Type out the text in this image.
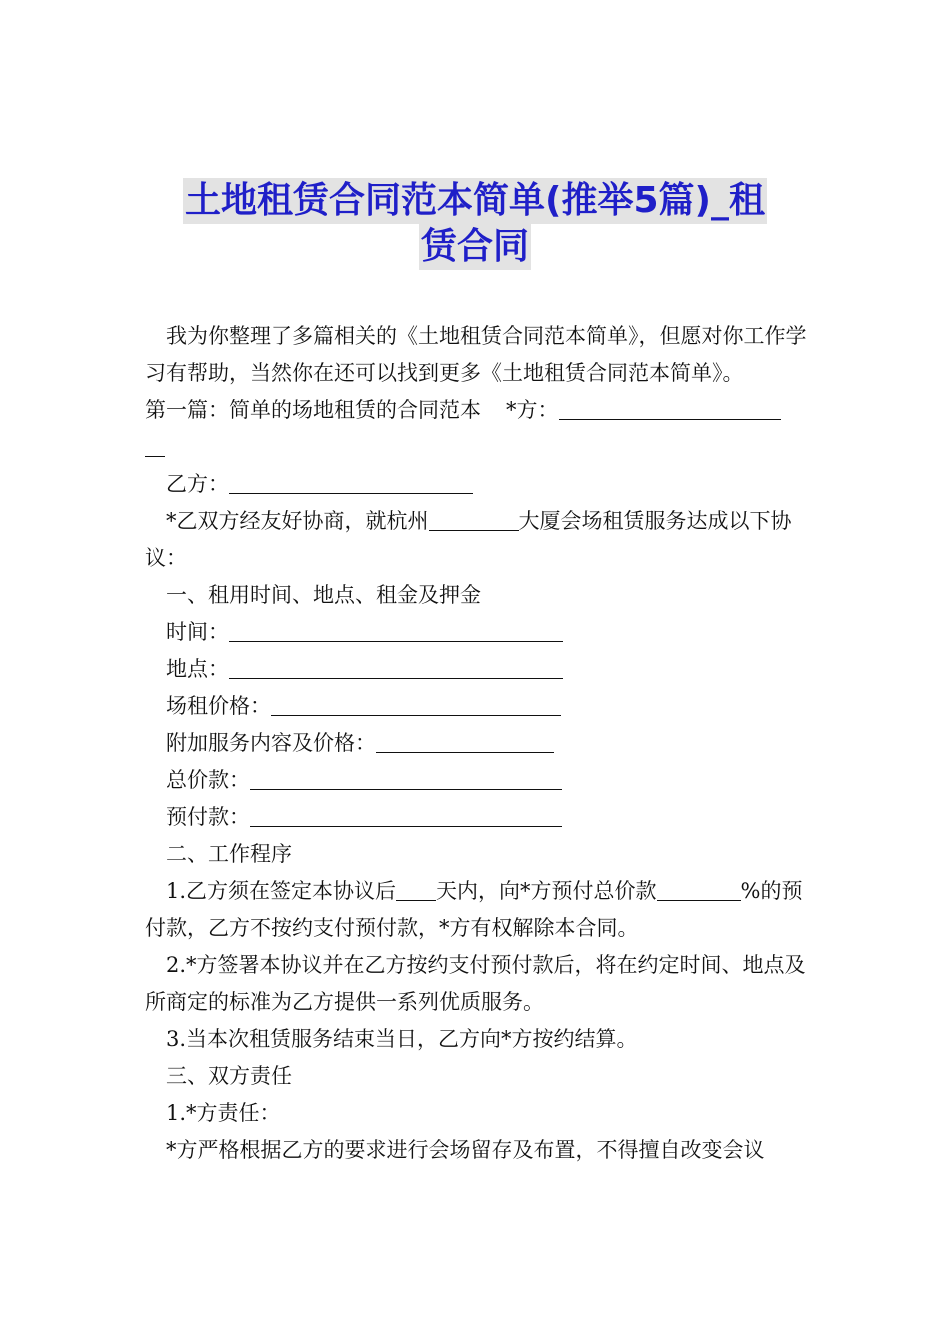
土地租赁合同范本简单(推举5篇)_租
赁合同

我为你整理了多篇相关的《土地租赁合同范本简单》，但愿对你工作学习有帮助，当然你在还可以找到更多《土地租赁合同范本简单》。

第一篇：简单的场地租赁的合同范本 *方：

乙方：

*乙双方经友好协商，就杭州	大厦会场租赁服务达成以下协议：

一、租用时间、地点、租金及押金

时间：

地点：

场租价格：

附加服务内容及价格：

总价款：

预付款：

二、工作程序

1.乙方须在签定本协议后 天内，向*方预付总价款	%的预付款，乙方不按约支付预付款，*方有权解除本合同。

2.*方签署本协议并在乙方按约支付预付款后，将在约定时间、地点及所商定的标准为乙方提供一系列优质服务。

3.当本次租赁服务结束当日，乙方向*方按约结算。

三、双方责任

1.*方责任：

*方严格根据乙方的要求进行会场留存及布置，不得擅自改变会议
